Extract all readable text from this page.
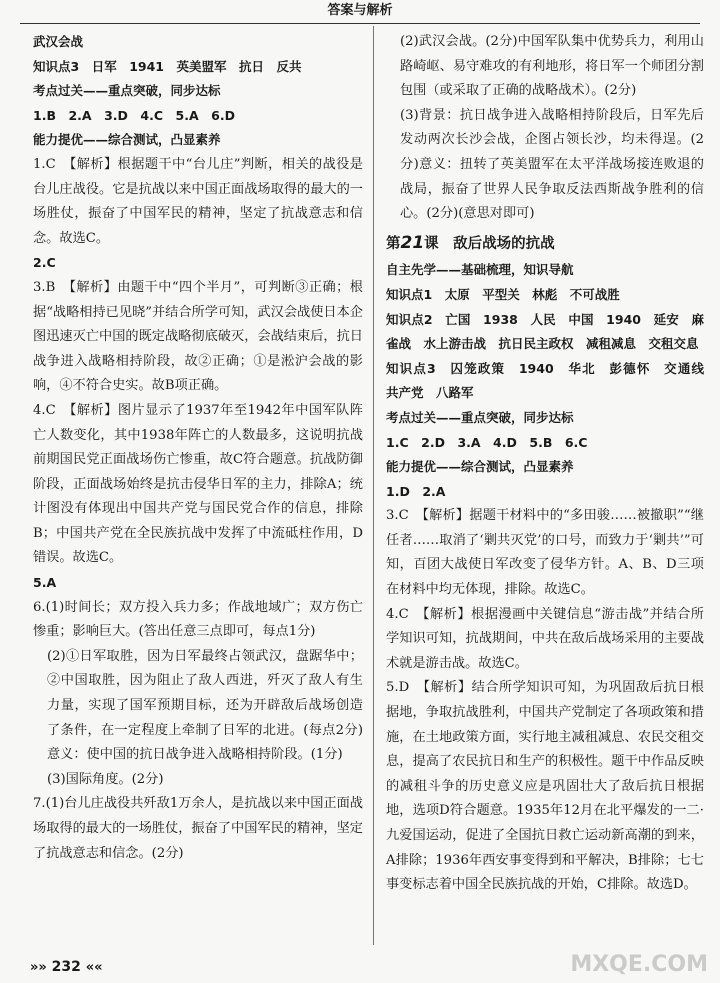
答案与解析

武汉会战

知识点3　日军　1941　英美盟军　抗日　反共

考点过关——重点突破，同步达标

1.B　2.A　3.D　4.C　5.A　6.D

能力提优——综合测试，凸显素养

1.C　【解析】根据题干中“台儿庄”判断，相关的战役是台儿庄战役。它是抗战以来中国正面战场取得的最大的一场胜仗，振奋了中国军民的精神，坚定了抗战意志和信念。故选C。

2.C

3.B　【解析】由题干中“四个半月”，可判断③正确；根据“战略相持已见晓”并结合所学可知，武汉会战使日本企图迅速灭亡中国的既定战略彻底破灭，会战结束后，抗日战争进入战略相持阶段，故②正确；①是淞沪会战的影响，④不符合史实。故B项正确。

4.C　【解析】图片显示了1937年至1942年中国军队阵亡人数变化，其中1938年阵亡的人数最多，这说明抗战前期国民党正面战场伤亡惨重，故C符合题意。抗战防御阶段，正面战场始终是抗击侵华日军的主力，排除A；统计图没有体现出中国共产党与国民党合作的信息，排除B；中国共产党在全民族抗战中发挥了中流砥柱作用，D错误。故选C。

5.A

6.(1)时间长；双方投入兵力多；作战地域广；双方伤亡惨重；影响巨大。(答出任意三点即可，每点1分)

(2)①日军取胜，因为日军最终占领武汉，盘踞华中；②中国取胜，因为阻止了敌人西进，歼灭了敌人有生力量，实现了国军预期目标，还为开辟敌后战场创造了条件，在一定程度上牵制了日军的北进。(每点2分)意义：使中国的抗日战争进入战略相持阶段。(1分)

(3)国际角度。(2分)

7.(1)台儿庄战役共歼敌1万余人，是抗战以来中国正面战场取得的最大的一场胜仗，振奋了中国军民的精神，坚定了抗战意志和信念。(2分)

(2)武汉会战。(2分)中国军队集中优势兵力，利用山路崎岖、易守难攻的有利地形，将日军一个师团分割包围（或采取了正确的战略战术）。(2分)

(3)背景：抗日战争进入战略相持阶段后，日军先后发动两次长沙会战，企图占领长沙，均未得逞。(2分)意义：扭转了英美盟军在太平洋战场接连败退的战局，振奋了世界人民争取反法西斯战争胜利的信心。(2分)(意思对即可)

第21课　敌后战场的抗战

自主先学——基础梳理，知识导航

知识点1　太原　平型关　林彪　不可战胜

知识点2　亡国　1938　人民　中国　1940　延安　麻雀战　水上游击战　抗日民主政权　减租减息　交租交息

知识点3　囚笼政策　1940　华北　彭德怀　交通线　共产党　八路军

考点过关——重点突破，同步达标

1.C　2.D　3.A　4.D　5.B　6.C

能力提优——综合测试，凸显素养

1.D　2.A

3.C　【解析】据题干材料中的“多田骏……被撤职”“继任者……取消了‘剿共灭党’的口号，而致力于‘剿共’”可知，百团大战使日军改变了侵华方针。A、B、D三项在材料中均无体现，排除。故选C。

4.C　【解析】根据漫画中关键信息“游击战”并结合所学知识可知，抗战期间，中共在敌后战场采用的主要战术就是游击战。故选C。

5.D　【解析】结合所学知识可知，为巩固敌后抗日根据地，争取抗战胜利，中国共产党制定了各项政策和措施，在土地政策方面，实行地主减租减息、农民交租交息，提高了农民抗日和生产的积极性。题干中作品反映的减租斗争的历史意义应是巩固壮大了敌后抗日根据地，选项D符合题意。1935年12月在北平爆发的一二·九爱国运动，促进了全国抗日救亡运动新高潮的到来，A排除；1936年西安事变得到和平解决，B排除；七七事变标志着中国全民族抗战的开始，C排除。故选D。

»» 232 ««	MXQE.COM
